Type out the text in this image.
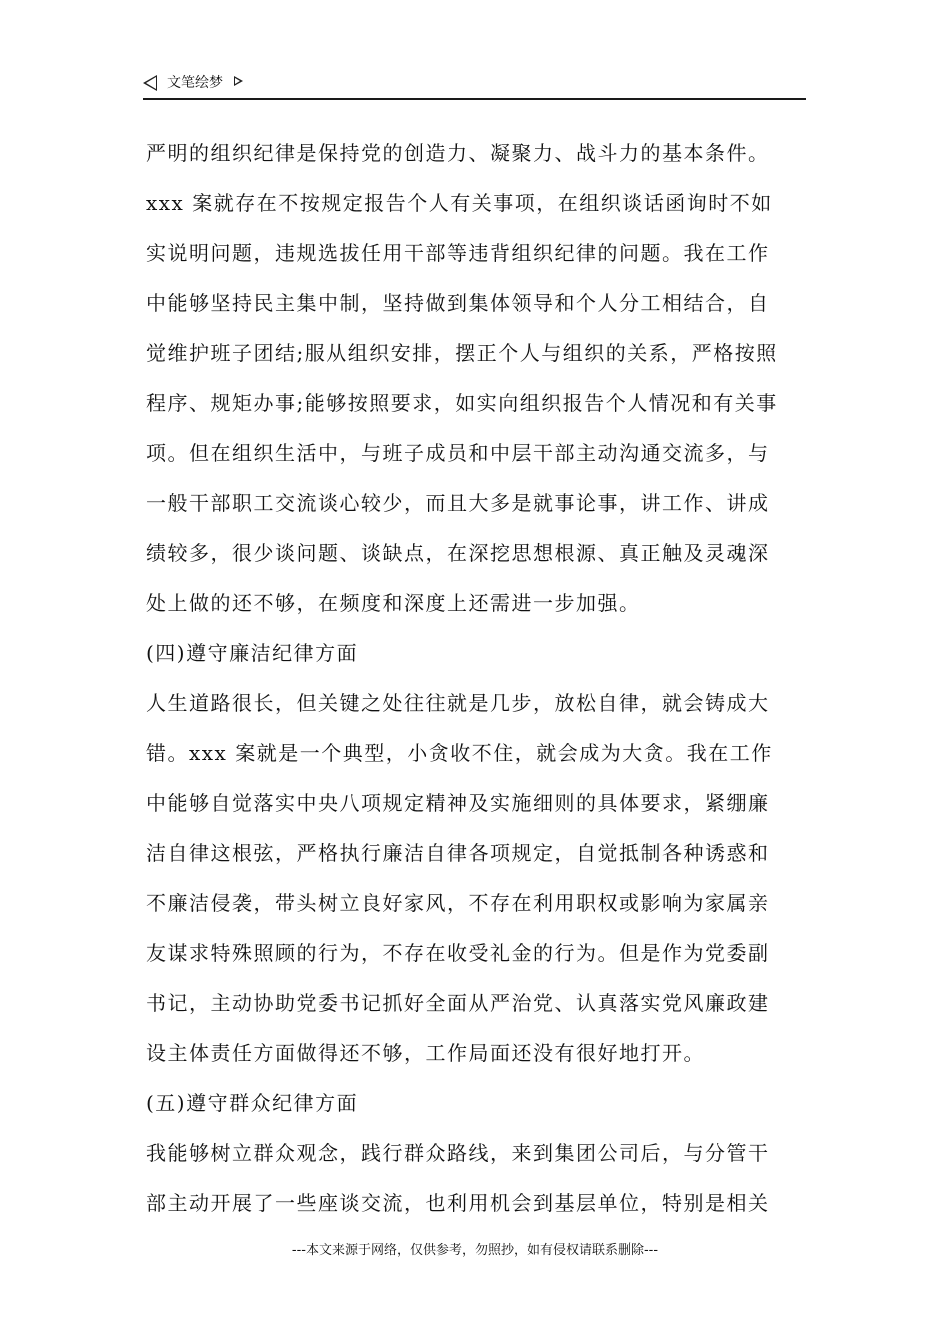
文笔绘梦
严明的组织纪律是保持党的创造力、凝聚力、战斗力的基本条件。
xxx 案就存在不按规定报告个人有关事项，在组织谈话函询时不如
实说明问题，违规选拔任用干部等违背组织纪律的问题。我在工作
中能够坚持民主集中制，坚持做到集体领导和个人分工相结合，自
觉维护班子团结;服从组织安排，摆正个人与组织的关系，严格按照
程序、规矩办事;能够按照要求，如实向组织报告个人情况和有关事
项。但在组织生活中，与班子成员和中层干部主动沟通交流多，与
一般干部职工交流谈心较少，而且大多是就事论事，讲工作、讲成
绩较多，很少谈问题、谈缺点，在深挖思想根源、真正触及灵魂深
处上做的还不够，在频度和深度上还需进一步加强。
(四)遵守廉洁纪律方面
人生道路很长，但关键之处往往就是几步，放松自律，就会铸成大
错。xxx 案就是一个典型，小贪收不住，就会成为大贪。我在工作
中能够自觉落实中央八项规定精神及实施细则的具体要求，紧绷廉
洁自律这根弦，严格执行廉洁自律各项规定，自觉抵制各种诱惑和
不廉洁侵袭，带头树立良好家风，不存在利用职权或影响为家属亲
友谋求特殊照顾的行为，不存在收受礼金的行为。但是作为党委副
书记，主动协助党委书记抓好全面从严治党、认真落实党风廉政建
设主体责任方面做得还不够，工作局面还没有很好地打开。
(五)遵守群众纪律方面
我能够树立群众观念，践行群众路线，来到集团公司后，与分管干
部主动开展了一些座谈交流，也利用机会到基层单位，特别是相关
---本文来源于网络，仅供参考，勿照抄，如有侵权请联系删除---
